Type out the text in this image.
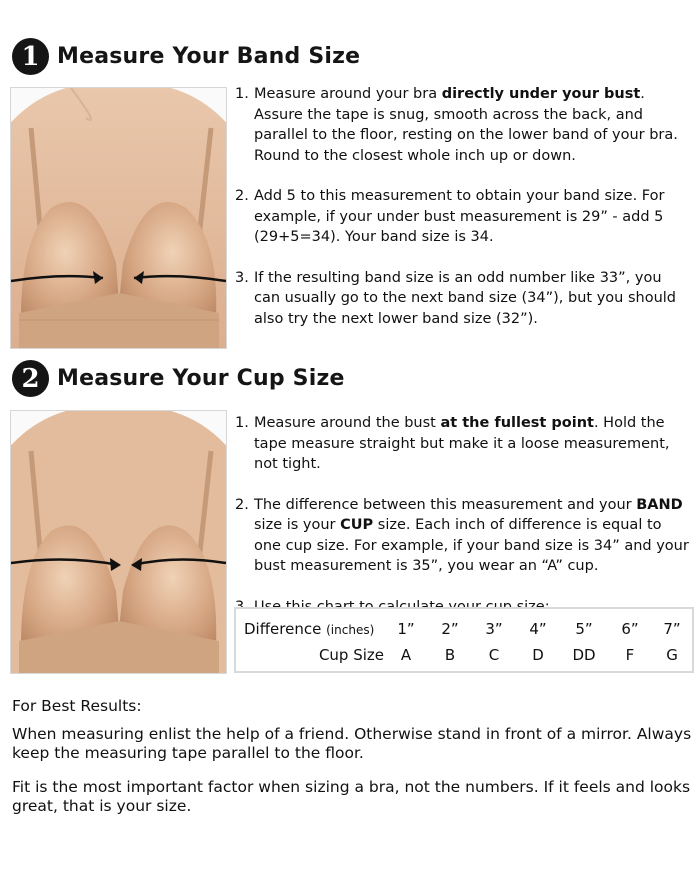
1 Measure Your Band Size
1. Measure around your bra directly under your bust. Assure the tape is snug, smooth across the back, and parallel to the floor, resting on the lower band of your bra. Round to the closest whole inch up or down.
2. Add 5 to this measurement to obtain your band size. For example, if your under bust measurement is 29” - add 5 (29+5=34). Your band size is 34.
3. If the resulting band size is an odd number like 33”, you can usually go to the next band size (34”), but you should also try the next lower band size (32”).
2 Measure Your Cup Size
1. Measure around the bust at the fullest point. Hold the tape measure straight but make it a loose measurement, not tight.
2. The difference between this measurement and your BAND size is your CUP size. Each inch of difference is equal to one cup size. For example, if your band size is 34” and your bust measurement is 35”, you wear an “A” cup.
Difference (inches)	1”	2”	3”	4”	5”	6”	7”
Cup Size	A	B	C	D	DD	F	G

For Best Results:

When measuring enlist the help of a friend. Otherwise stand in front of a mirror. Always keep the measuring tape parallel to the floor.

Fit is the most important factor when sizing a bra, not the numbers. If it feels and looks great, that is your size.
